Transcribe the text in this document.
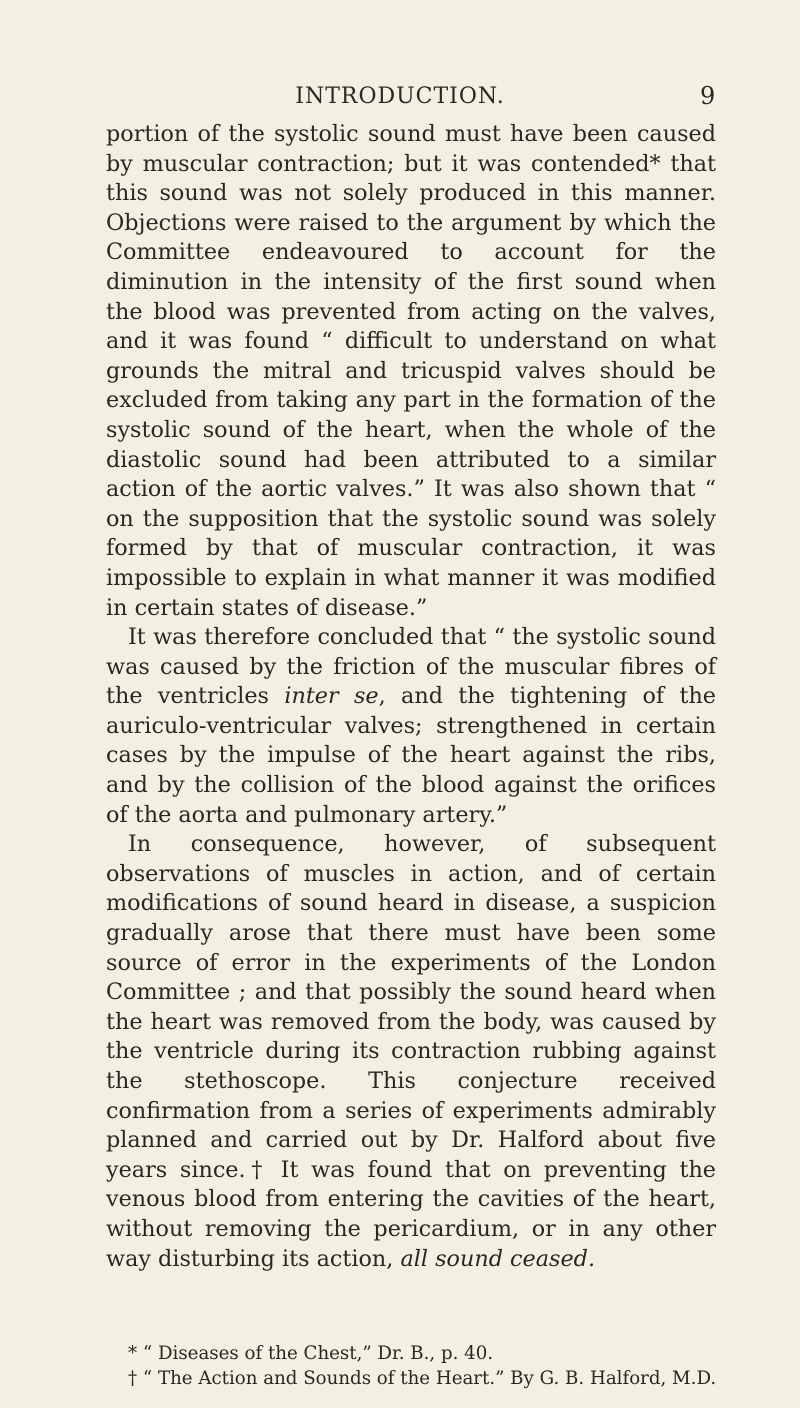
INTRODUCTION.	9

portion of the systolic sound must have been caused by muscular contraction; but it was contended* that this sound was not solely produced in this manner. Objections were raised to the argument by which the Committee endeavoured to account for the diminution in the intensity of the first sound when the blood was prevented from acting on the valves, and it was found “ difficult to understand on what grounds the mitral and tricuspid valves should be excluded from taking any part in the formation of the systolic sound of the heart, when the whole of the diastolic sound had been attributed to a similar action of the aortic valves.” It was also shown that “ on the supposition that the systolic sound was solely formed by that of muscular contraction, it was impossible to explain in what manner it was modified in certain states of disease.”

It was therefore concluded that “ the systolic sound was caused by the friction of the muscular fibres of the ventricles inter se, and the tightening of the auriculo-ventricular valves; strengthened in certain cases by the impulse of the heart against the ribs, and by the collision of the blood against the orifices of the aorta and pulmonary artery.”

In consequence, however, of subsequent observations of muscles in action, and of certain modifications of sound heard in disease, a suspicion gradually arose that there must have been some source of error in the experiments of the London Committee ; and that possibly the sound heard when the heart was removed from the body, was caused by the ventricle during its contraction rubbing against the stethoscope. This conjecture received confirmation from a series of experiments admirably planned and carried out by Dr. Halford about five years since.† It was found that on preventing the venous blood from entering the cavities of the heart, without removing the pericardium, or in any other way disturbing its action, all sound ceased.

* “ Diseases of the Chest,” Dr. B., p. 40.
† “ The Action and Sounds of the Heart.” By G. B. Halford, M.D.
